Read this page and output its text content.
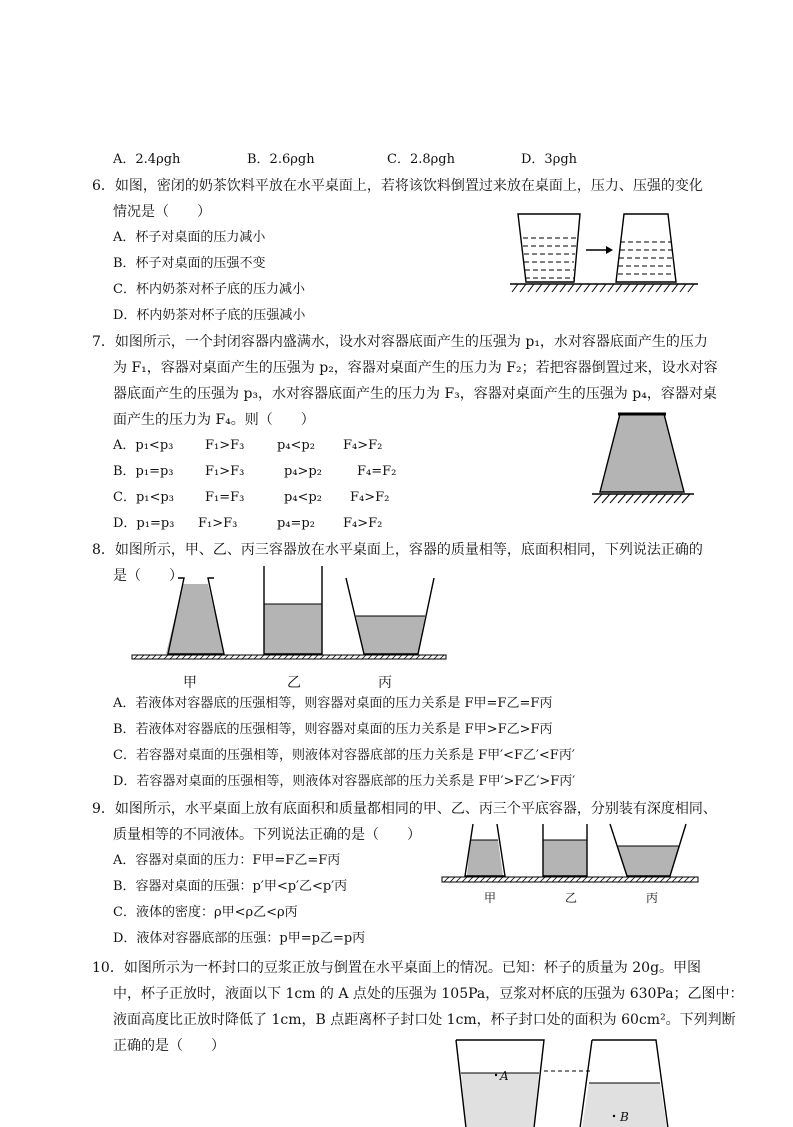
A．2.4ρgh	B．2.6ρgh	C．2.8ρgh	D．3ρgh
6．如图，密闭的奶茶饮料平放在水平桌面上，若将该饮料倒置过来放在桌面上，压力、压强的变化
情况是（　　）
A．杯子对桌面的压力减小
B．杯子对桌面的压强不变
C．杯内奶茶对杯子底的压力减小
D．杯内奶茶对杯子底的压强减小
7．如图所示，一个封闭容器内盛满水，设水对容器底面产生的压强为 p₁，水对容器底面产生的压力
为 F₁，容器对桌面产生的压强为 p₂，容器对桌面产生的压力为 F₂；若把容器倒置过来，设水对容
器底面产生的压强为 p₃，水对容器底面产生的压力为 F₃，容器对桌面产生的压强为 p₄，容器对桌
面产生的压力为 F₄。则（　　）
A．p₁<p₃ F₁>F₃	p₄<p₂ F₄>F₂
B．p₁=p₃ F₁>F₃	p₄>p₂	F₄=F₂
C．p₁<p₃ F₁=F₃	p₄<p₂ F₄>F₂
D．p₁=p₃ F₁>F₃	p₄=p₂ F₄>F₂
8．如图所示，甲、乙、丙三容器放在水平桌面上，容器的质量相等，底面积相同，下列说法正确的
是（　　）
甲	乙	丙
A．若液体对容器底的压强相等，则容器对桌面的压力关系是 F甲=F乙=F丙
B．若液体对容器底的压强相等，则容器对桌面的压力关系是 F甲>F乙>F丙
C．若容器对桌面的压强相等，则液体对容器底部的压力关系是 F甲′<F乙′<F丙′
D．若容器对桌面的压强相等，则液体对容器底部的压力关系是 F甲′>F乙′>F丙′
9．如图所示，水平桌面上放有底面积和质量都相同的甲、乙、丙三个平底容器，分别装有深度相同、
质量相等的不同液体。下列说法正确的是（　　）
A．容器对桌面的压力：F甲=F乙=F丙
B．容器对桌面的压强：p′甲<p′乙<p′丙
C．液体的密度：ρ甲<ρ乙<ρ丙
D．液体对容器底部的压强：p甲=p乙=p丙
甲	乙	丙
10．如图所示为一杯封口的豆浆正放与倒置在水平桌面上的情况。已知：杯子的质量为 20g。甲图
中，杯子正放时，液面以下 1cm 的 A 点处的压强为 105Pa，豆浆对杯底的压强为 630Pa；乙图中：
液面高度比正放时降低了 1cm，B 点距离杯子封口处 1cm，杯子封口处的面积为 60cm²。下列判断
正确的是（　　）
A
B
